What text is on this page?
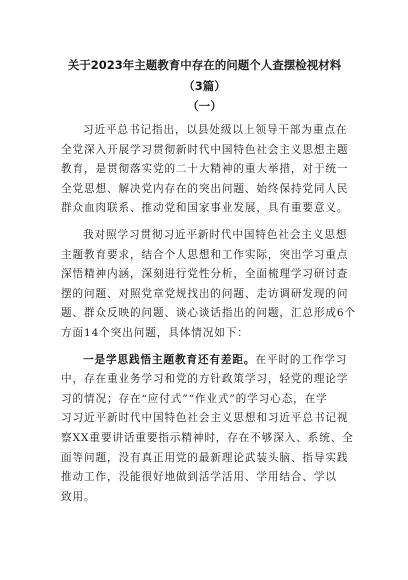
关于2023年主题教育中存在的问题个人查摆检视材料
（3篇）
（一）
习近平总书记指出，以县处级以上领导干部为重点在
全党深入开展学习贯彻新时代中国特色社会主义思想主题
教育，是贯彻落实党的二十大精神的重大举措，对于统一
全党思想、解决党内存在的突出问题、始终保持党同人民
群众血肉联系、推动党和国家事业发展，具有重要意义。
我对照学习贯彻习近平新时代中国特色社会主义思想
主题教育要求，结合个人思想和工作实际，突出学习重点
深悟精神内涵，深刻进行党性分析，全面梳理学习研讨查
摆的问题、对照党章党规找出的问题、走访调研发现的问
题、群众反映的问题、谈心谈话指出的问题，汇总形成6个
方面14个突出问题，具体情况如下：
一是学思践悟主题教育还有差距。在平时的工作学习
中，存在重业务学习和党的方针政策学习，轻党的理论学
习的情况；存在“应付式”“作业式”的学习心态，在学
习习近平新时代中国特色社会主义思想和习近平总书记视
察XX重要讲话重要指示精神时，存在不够深入、系统、全
面等问题，没有真正用党的最新理论武装头脑、指导实践
推动工作，没能很好地做到活学活用、学用结合、学以
致用。
